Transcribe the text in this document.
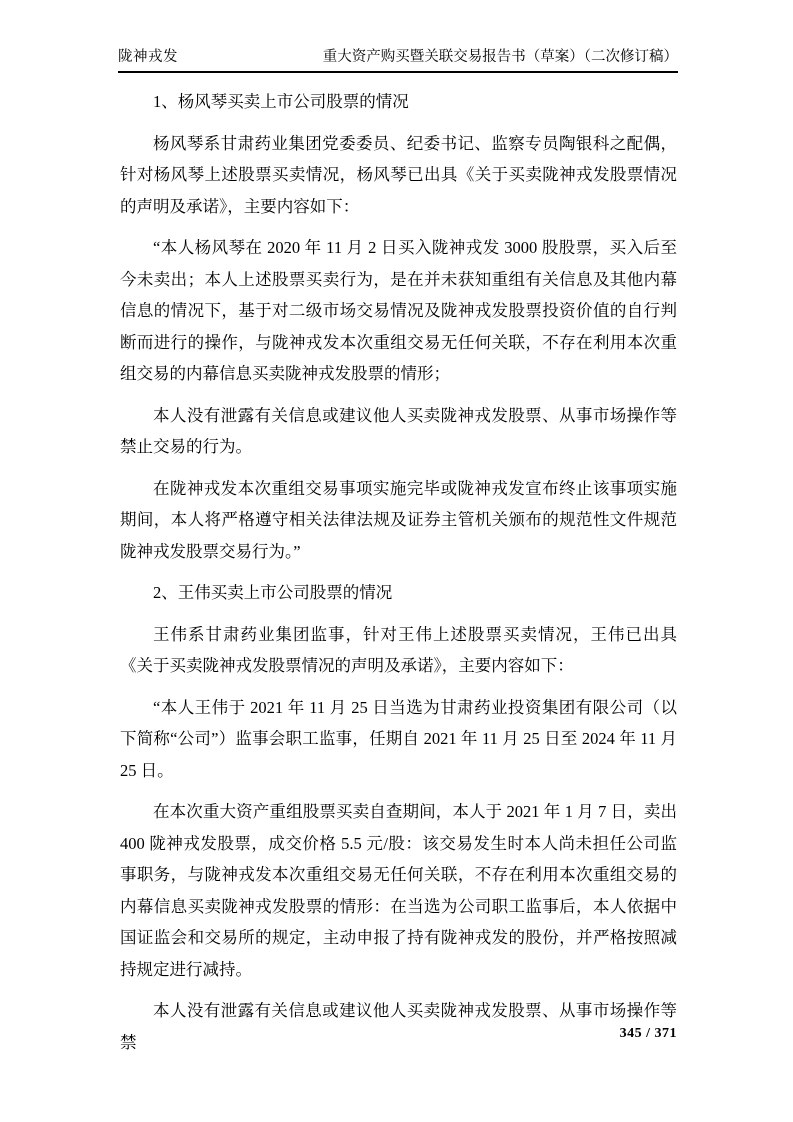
陇神戎发	重大资产购买暨关联交易报告书（草案）（二次修订稿）
1、杨风琴买卖上市公司股票的情况

杨风琴系甘肃药业集团党委委员、纪委书记、监察专员陶银科之配偶，针对杨风琴上述股票买卖情况，杨风琴已出具《关于买卖陇神戎发股票情况的声明及承诺》，主要内容如下：

“本人杨风琴在 2020 年 11 月 2 日买入陇神戎发 3000 股股票，买入后至今未卖出；本人上述股票买卖行为，是在并未获知重组有关信息及其他内幕信息的情况下，基于对二级市场交易情况及陇神戎发股票投资价值的自行判断而进行的操作，与陇神戎发本次重组交易无任何关联，不存在利用本次重组交易的内幕信息买卖陇神戎发股票的情形；

本人没有泄露有关信息或建议他人买卖陇神戎发股票、从事市场操作等禁止交易的行为。

在陇神戎发本次重组交易事项实施完毕或陇神戎发宣布终止该事项实施期间，本人将严格遵守相关法律法规及证券主管机关颁布的规范性文件规范陇神戎发股票交易行为。”

2、王伟买卖上市公司股票的情况

王伟系甘肃药业集团监事，针对王伟上述股票买卖情况，王伟已出具《关于买卖陇神戎发股票情况的声明及承诺》，主要内容如下：

“本人王伟于 2021 年 11 月 25 日当选为甘肃药业投资集团有限公司（以下简称“公司”）监事会职工监事，任期自 2021 年 11 月 25 日至 2024 年 11 月 25 日。

在本次重大资产重组股票买卖自查期间，本人于 2021 年 1 月 7 日，卖出 400 陇神戎发股票，成交价格 5.5 元/股：该交易发生时本人尚未担任公司监事职务，与陇神戎发本次重组交易无任何关联，不存在利用本次重组交易的内幕信息买卖陇神戎发股票的情形：在当选为公司职工监事后，本人依据中国证监会和交易所的规定，主动申报了持有陇神戎发的股份，并严格按照减持规定进行减持。

本人没有泄露有关信息或建议他人买卖陇神戎发股票、从事市场操作等禁	345 / 371
